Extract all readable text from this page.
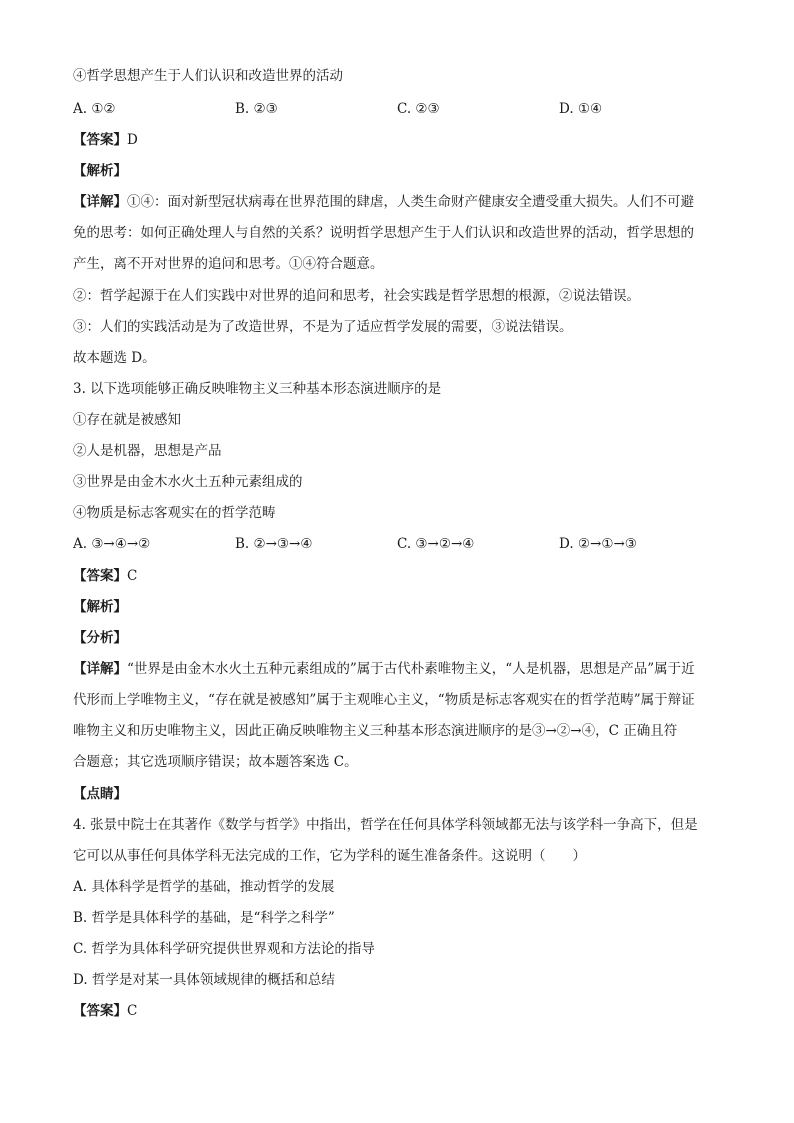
④哲学思想产生于人们认识和改造世界的活动
A. ①②	B. ②③	C. ②③	D. ①④
【答案】D
【解析】
【详解】①④：面对新型冠状病毒在世界范围的肆虐，人类生命财产健康安全遭受重大损失。人们不可避
免的思考：如何正确处理人与自然的关系？说明哲学思想产生于人们认识和改造世界的活动，哲学思想的
产生，离不开对世界的追问和思考。①④符合题意。
②：哲学起源于在人们实践中对世界的追问和思考，社会实践是哲学思想的根源，②说法错误。
③：人们的实践活动是为了改造世界，不是为了适应哲学发展的需要，③说法错误。
故本题选 D。
3. 以下选项能够正确反映唯物主义三种基本形态演进顺序的是
①存在就是被感知
②人是机器，思想是产品
③世界是由金木水火土五种元素组成的
④物质是标志客观实在的哲学范畴
A. ③→④→②	B. ②→③→④	C. ③→②→④	D. ②→①→③
【答案】C
【解析】
【分析】
【详解】“世界是由金木水火土五种元素组成的”属于古代朴素唯物主义，“人是机器，思想是产品”属于近
代形而上学唯物主义，“存在就是被感知”属于主观唯心主义，“物质是标志客观实在的哲学范畴”属于辩证
唯物主义和历史唯物主义，因此正确反映唯物主义三种基本形态演进顺序的是③→②→④，C 正确且符
合题意；其它选项顺序错误；故本题答案选 C。
【点睛】
4. 张景中院士在其著作《数学与哲学》中指出，哲学在任何具体学科领域都无法与该学科一争高下，但是
它可以从事任何具体学科无法完成的工作，它为学科的诞生准备条件。这说明（　　）
A. 具体科学是哲学的基础，推动哲学的发展
B. 哲学是具体科学的基础，是“科学之科学”
C. 哲学为具体科学研究提供世界观和方法论的指导
D. 哲学是对某一具体领域规律的概括和总结
【答案】C
